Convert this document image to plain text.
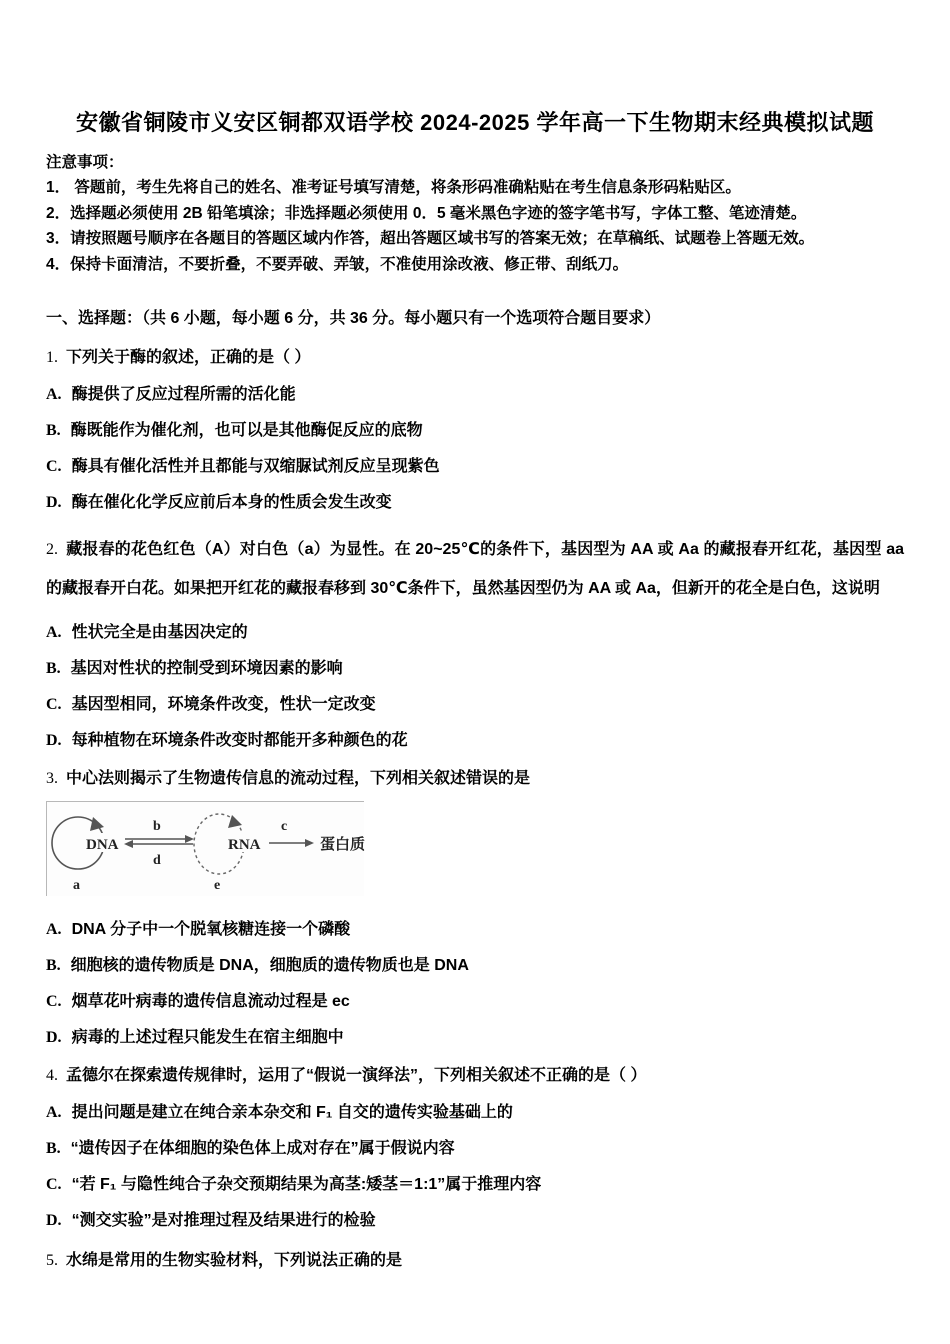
安徽省铜陵市义安区铜都双语学校 2024-2025 学年高一下生物期末经典模拟试题
注意事项：
1． 答题前，考生先将自己的姓名、准考证号填写清楚，将条形码准确粘贴在考生信息条形码粘贴区。
2．选择题必须使用 2B 铅笔填涂；非选择题必须使用 0．5 毫米黑色字迹的签字笔书写，字体工整、笔迹清楚。
3．请按照题号顺序在各题目的答题区域内作答，超出答题区域书写的答案无效；在草稿纸、试题卷上答题无效。
4．保持卡面清洁，不要折叠，不要弄破、弄皱，不准使用涂改液、修正带、刮纸刀。
一、选择题：（共 6 小题，每小题 6 分，共 36 分。每小题只有一个选项符合题目要求）
1. 下列关于酶的叙述，正确的是（ ）
A. 酶提供了反应过程所需的活化能
B. 酶既能作为催化剂，也可以是其他酶促反应的底物
C. 酶具有催化活性并且都能与双缩脲试剂反应呈现紫色
D. 酶在催化化学反应前后本身的性质会发生改变
2. 藏报春的花色红色（A）对白色（a）为显性。在 20~25℃的条件下，基因型为 AA 或 Aa 的藏报春开红花，基因型 aa 的藏报春开白花。如果把开红花的藏报春移到 30℃条件下，虽然基因型仍为 AA 或 Aa，但新开的花全是白色，这说明
A. 性状完全是由基因决定的
B. 基因对性状的控制受到环境因素的影响
C. 基因型相同，环境条件改变，性状一定改变
D. 每种植物在环境条件改变时都能开多种颜色的花
3. 中心法则揭示了生物遗传信息的流动过程，下列相关叙述错误的是
DNA
b
d
RNA
c
蛋白质
a	e
A. DNA 分子中一个脱氧核糖连接一个磷酸
B. 细胞核的遗传物质是 DNA，细胞质的遗传物质也是 DNA
C. 烟草花叶病毒的遗传信息流动过程是 ec
D. 病毒的上述过程只能发生在宿主细胞中
4. 孟德尔在探索遗传规律时，运用了“假说一演绎法”，下列相关叙述不正确的是（ ）
A. 提出问题是建立在纯合亲本杂交和 F₁ 自交的遗传实验基础上的
B. “遗传因子在体细胞的染色体上成对存在”属于假说内容
C. “若 F₁ 与隐性纯合子杂交预期结果为高茎:矮茎＝1:1”属于推理内容
D. “测交实验”是对推理过程及结果进行的检验
5. 水绵是常用的生物实验材料，下列说法正确的是
